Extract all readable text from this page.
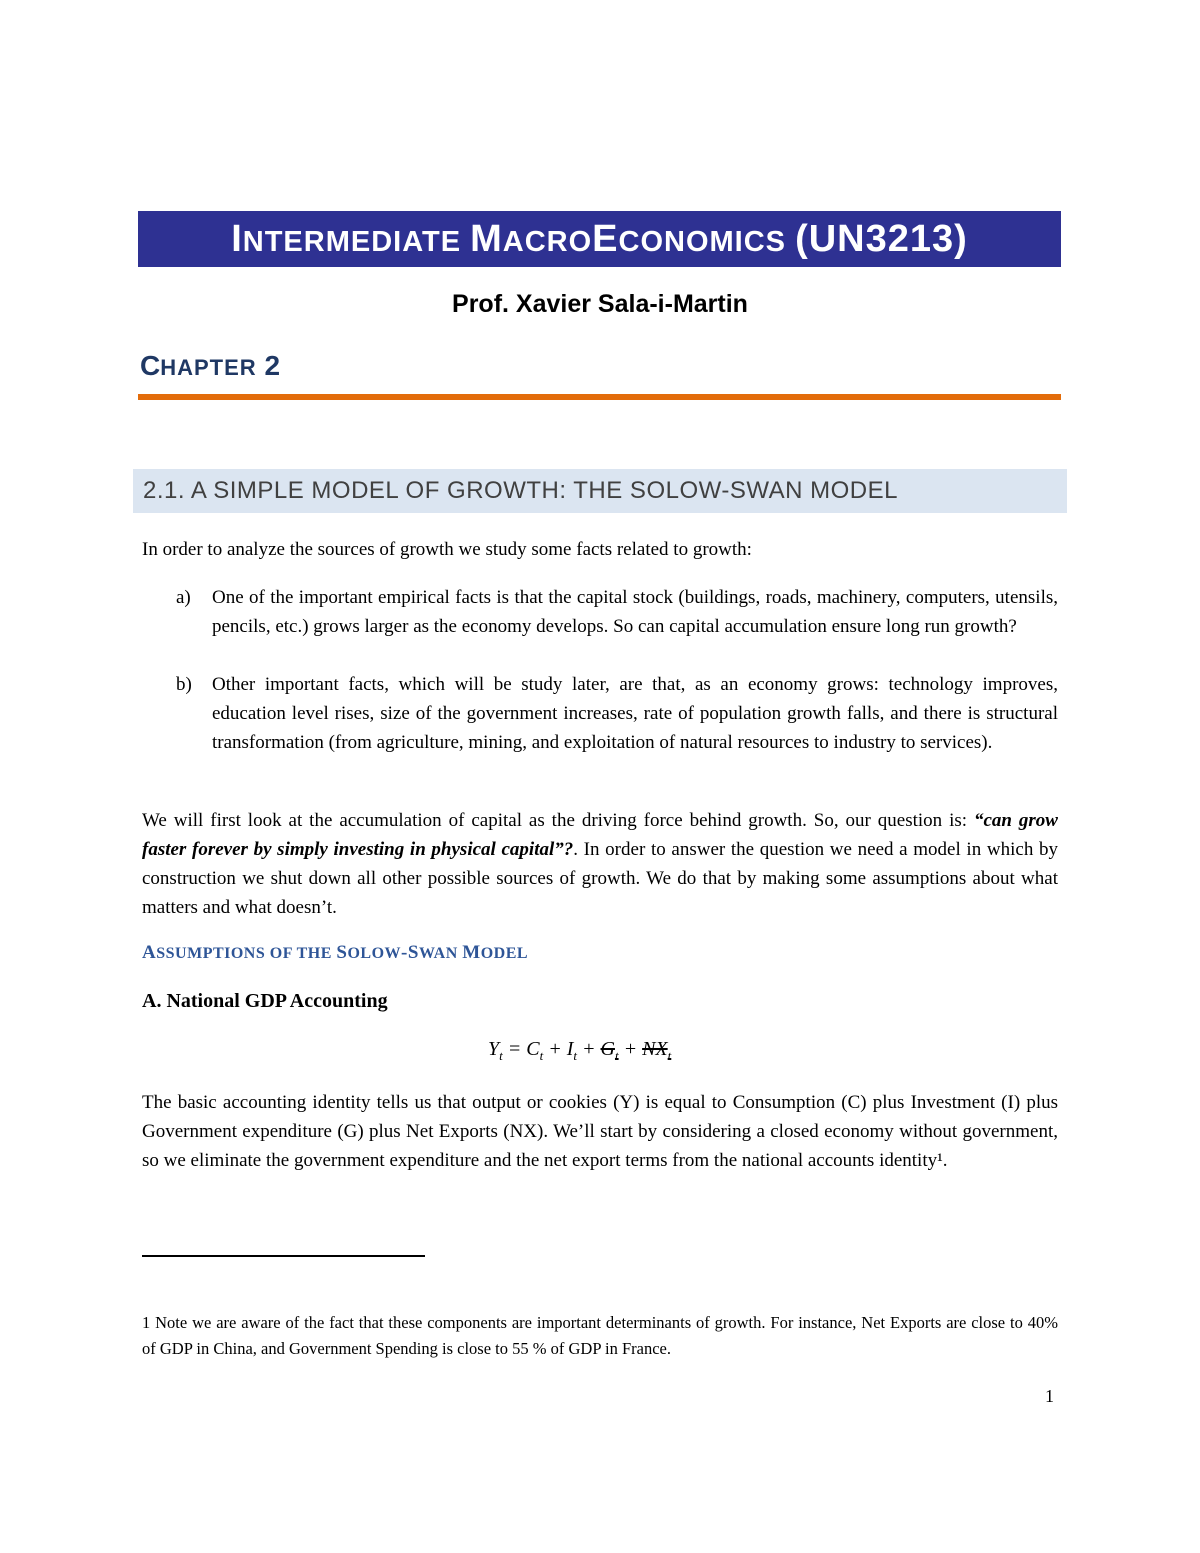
INTERMEDIATE MACROECONOMICS (UN3213)
Prof. Xavier Sala-i-Martin
CHAPTER 2
2.1. A SIMPLE MODEL OF GROWTH: THE SOLOW-SWAN MODEL
In order to analyze the sources of growth we study some facts related to growth:
a) One of the important empirical facts is that the capital stock (buildings, roads, machinery, computers, utensils, pencils, etc.) grows larger as the economy develops. So can capital accumulation ensure long run growth?
b) Other important facts, which will be study later, are that, as an economy grows: technology improves, education level rises, size of the government increases, rate of population growth falls, and there is structural transformation (from agriculture, mining, and exploitation of natural resources to industry to services).
We will first look at the accumulation of capital as the driving force behind growth. So, our question is: “can grow faster forever by simply investing in physical capital”?. In order to answer the question we need a model in which by construction we shut down all other possible sources of growth. We do that by making some assumptions about what matters and what doesn’t.
ASSUMPTIONS OF THE SOLOW-SWAN MODEL
A. National GDP Accounting
$Y_t = C_t + I_t + G_t + NX_t$
The basic accounting identity tells us that output or cookies (Y) is equal to Consumption (C) plus Investment (I) plus Government expenditure (G) plus Net Exports (NX). We’ll start by considering a closed economy without government, so we eliminate the government expenditure and the net export terms from the national accounts identity¹.
1 Note we are aware of the fact that these components are important determinants of growth. For instance, Net Exports are close to 40% of GDP in China, and Government Spending is close to 55 % of GDP in France.
1
